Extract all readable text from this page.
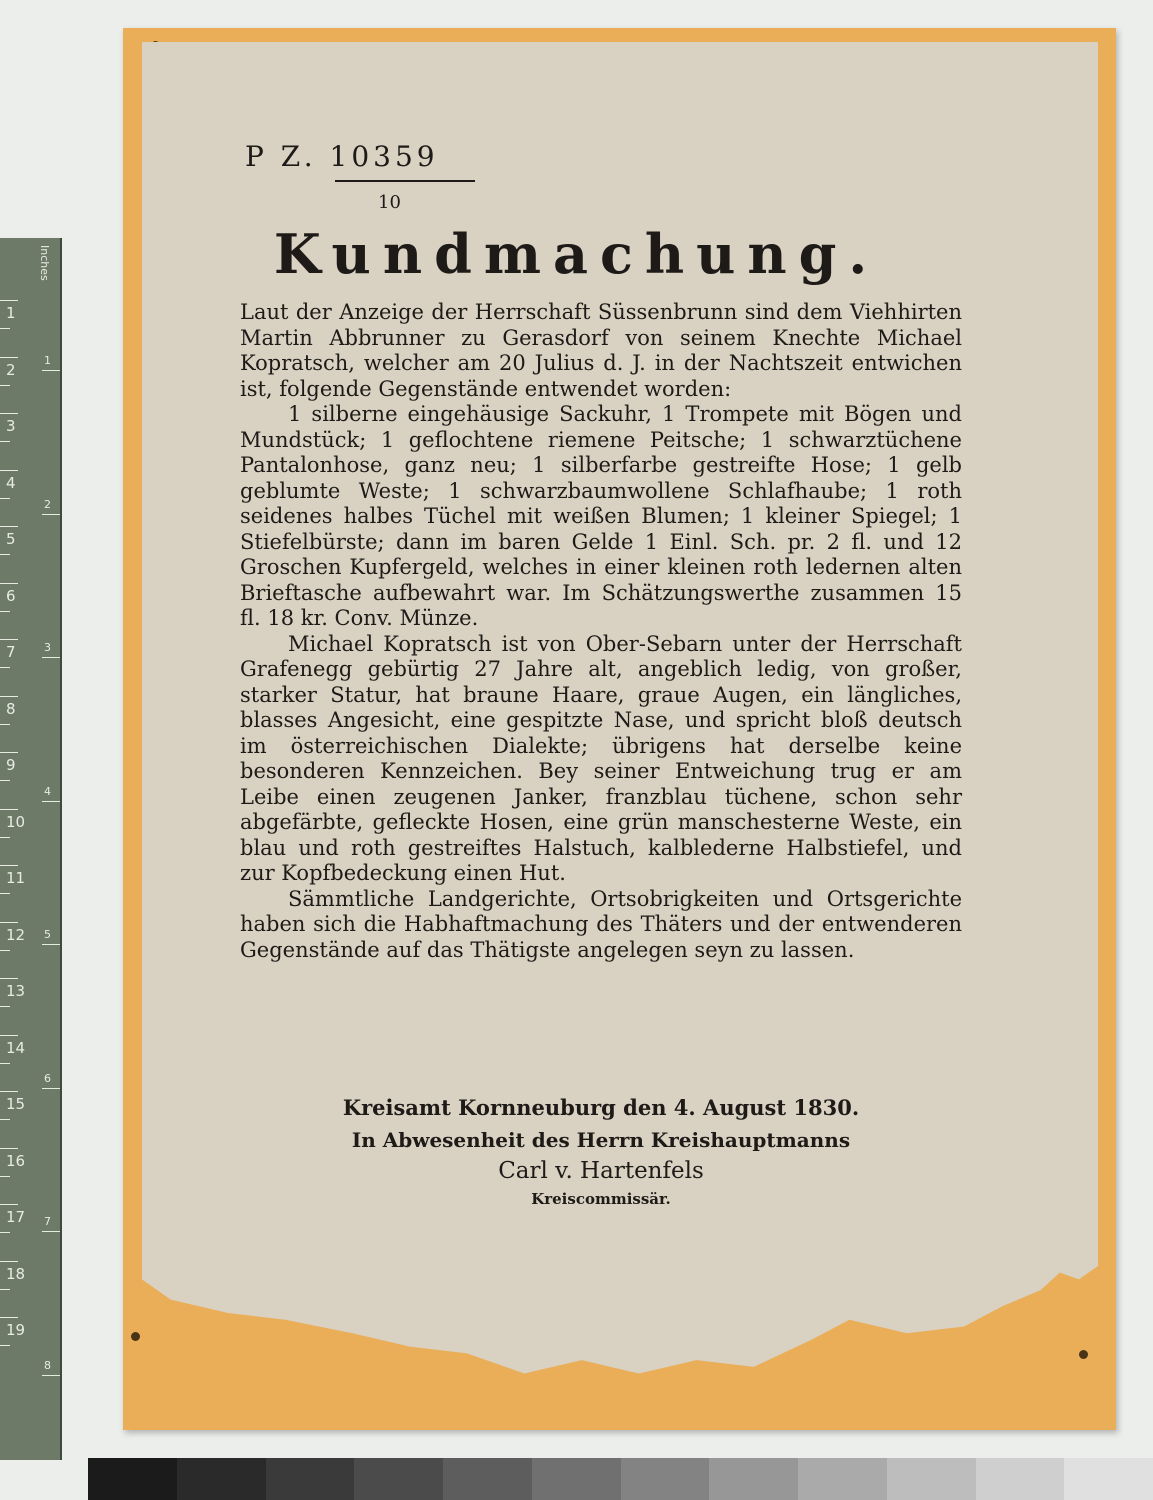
Inches
1
2
3
4
5
6
7
8
9
10
11
12
13
14
15
16
17
18
19
1
2
3
4
5
6
7
8
P Z. 10359
10
Kundmachung.

Laut der Anzeige der Herrschaft Süssenbrunn sind dem Viehhirten Martin Abbrunner zu Gerasdorf von seinem Knechte Michael Kopratsch, welcher am 20 Julius d. J. in der Nachtszeit entwichen ist, folgende Gegenstände entwendet worden:

1 silberne eingehäusige Sackuhr, 1 Trompete mit Bögen und Mundstück; 1 geflochtene riemene Peitsche; 1 schwarztüchene Pantalonhose, ganz neu; 1 silberfarbe gestreifte Hose; 1 gelb geblumte Weste; 1 schwarzbaumwollene Schlafhaube; 1 roth seidenes halbes Tüchel mit weißen Blumen; 1 kleiner Spiegel; 1 Stiefelbürste; dann im baren Gelde 1 Einl. Sch. pr. 2 fl. und 12 Groschen Kupfergeld, welches in einer kleinen roth ledernen alten Brieftasche aufbewahrt war. Im Schätzungswerthe zusammen 15 fl. 18 kr. Conv. Münze.

Michael Kopratsch ist von Ober-Sebarn unter der Herrschaft Grafenegg gebürtig 27 Jahre alt, angeblich ledig, von großer, starker Statur, hat braune Haare, graue Augen, ein längliches, blasses Angesicht, eine gespitzte Nase, und spricht bloß deutsch im österreichischen Dialekte; übrigens hat derselbe keine besonderen Kennzeichen. Bey seiner Entweichung trug er am Leibe einen zeugenen Janker, franzblau tüchene, schon sehr abgefärbte, gefleckte Hosen, eine grün manschesterne Weste, ein blau und roth gestreiftes Halstuch, kalblederne Halbstiefel, und zur Kopfbedeckung einen Hut.

Sämmtliche Landgerichte, Ortsobrigkeiten und Ortsgerichte haben sich die Habhaftmachung des Thäters und der entwenderen Gegenstände auf das Thätigste angelegen seyn zu lassen.

Kreisamt Kornneuburg den 4. August 1830.
In Abwesenheit des Herrn Kreishauptmanns
Carl v. Hartenfels
Kreiscommissär.
